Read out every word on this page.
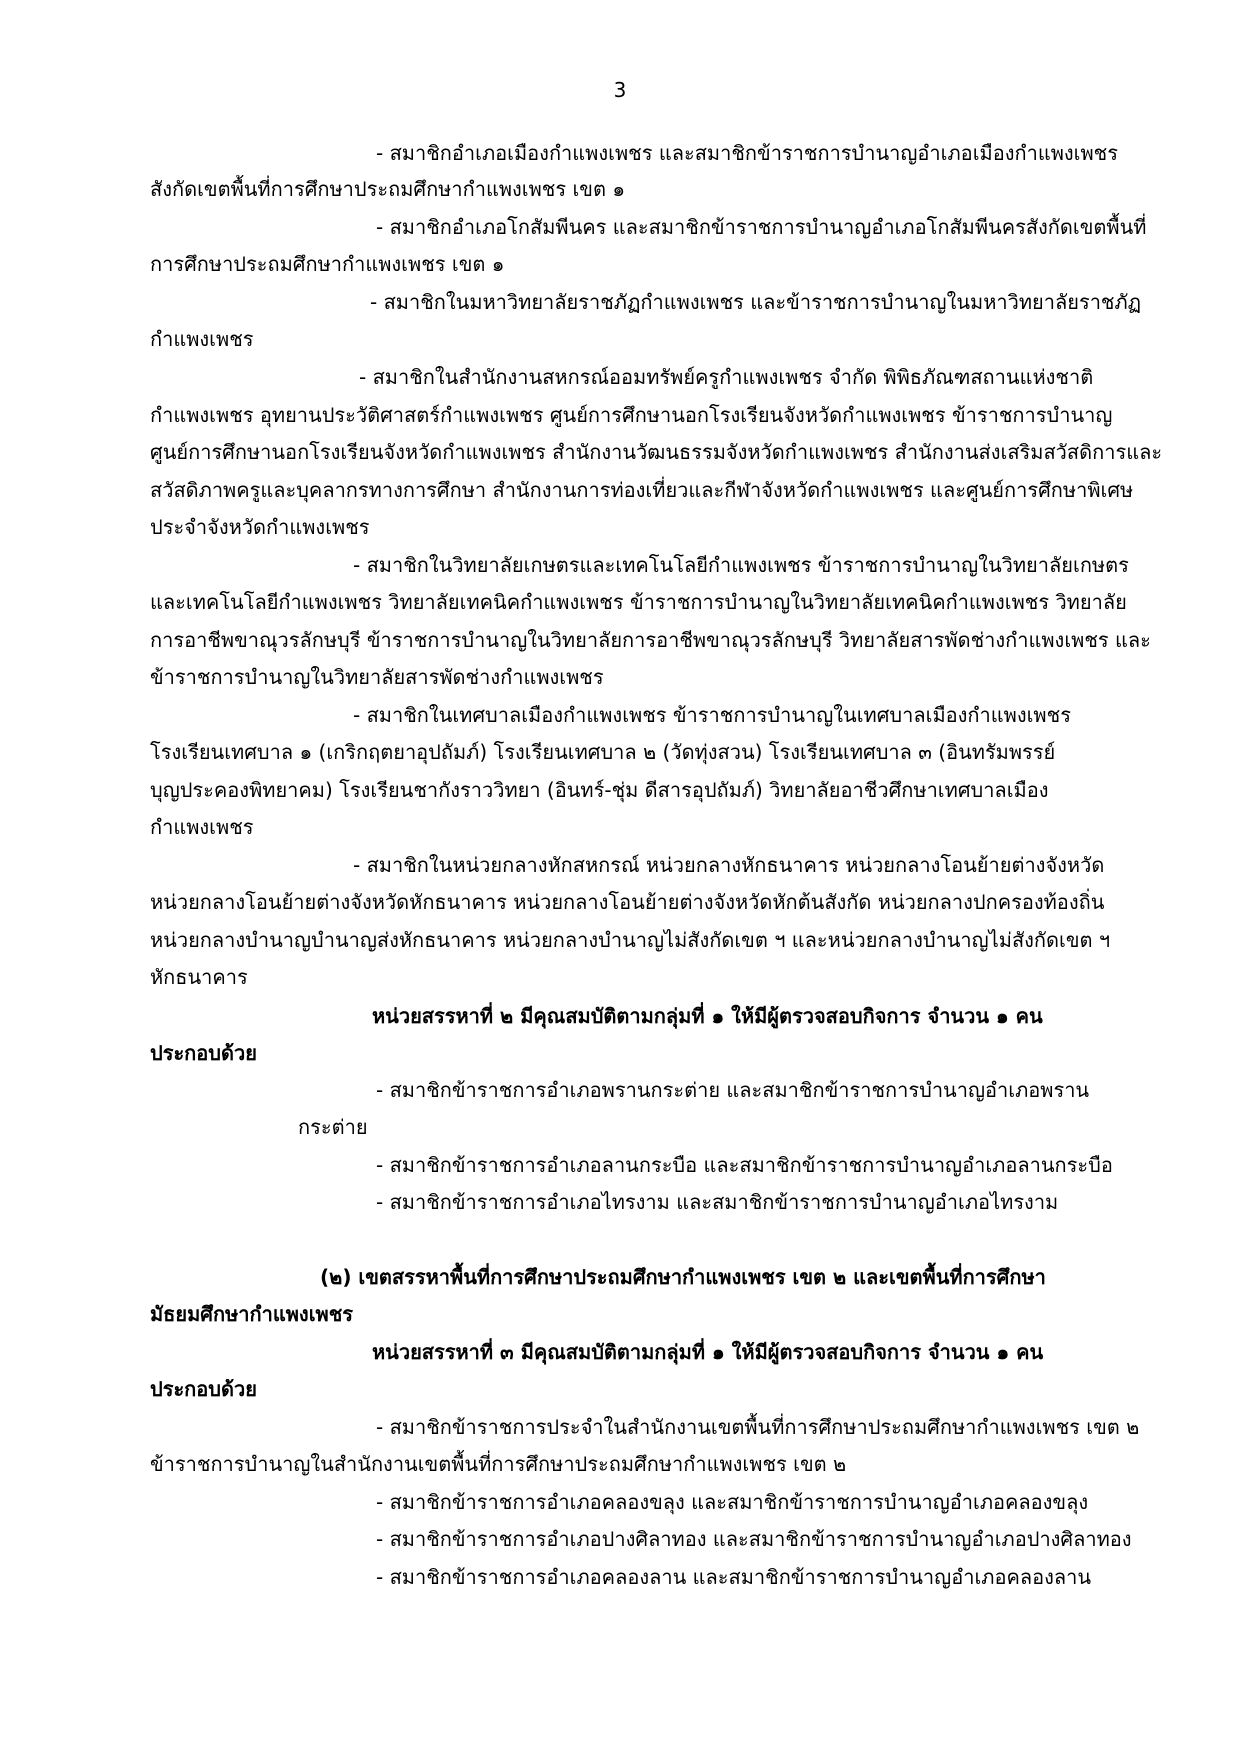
3
- สมาชิกอำเภอเมืองกำแพงเพชร และสมาชิกข้าราชการบำนาญอำเภอเมืองกำแพงเพชร
สังกัดเขตพื้นที่การศึกษาประถมศึกษากำแพงเพชร เขต ๑
- สมาชิกอำเภอโกสัมพีนคร และสมาชิกข้าราชการบำนาญอำเภอโกสัมพีนครสังกัดเขตพื้นที่
การศึกษาประถมศึกษากำแพงเพชร เขต ๑
- สมาชิกในมหาวิทยาลัยราชภัฏกำแพงเพชร และข้าราชการบำนาญในมหาวิทยาลัยราชภัฏ
กำแพงเพชร
- สมาชิกในสำนักงานสหกรณ์ออมทรัพย์ครูกำแพงเพชร จำกัด พิพิธภัณฑสถานแห่งชาติ
กำแพงเพชร อุทยานประวัติศาสตร์กำแพงเพชร ศูนย์การศึกษานอกโรงเรียนจังหวัดกำแพงเพชร ข้าราชการบำนาญ
ศูนย์การศึกษานอกโรงเรียนจังหวัดกำแพงเพชร สำนักงานวัฒนธรรมจังหวัดกำแพงเพชร สำนักงานส่งเสริมสวัสดิการและ
สวัสดิภาพครูและบุคลากรทางการศึกษา สำนักงานการท่องเที่ยวและกีฬาจังหวัดกำแพงเพชร และศูนย์การศึกษาพิเศษ
ประจำจังหวัดกำแพงเพชร
- สมาชิกในวิทยาลัยเกษตรและเทคโนโลยีกำแพงเพชร ข้าราชการบำนาญในวิทยาลัยเกษตร
และเทคโนโลยีกำแพงเพชร วิทยาลัยเทคนิคกำแพงเพชร ข้าราชการบำนาญในวิทยาลัยเทคนิคกำแพงเพชร วิทยาลัย
การอาชีพขาณุวรลักษบุรี ข้าราชการบำนาญในวิทยาลัยการอาชีพขาณุวรลักษบุรี วิทยาลัยสารพัดช่างกำแพงเพชร และ
ข้าราชการบำนาญในวิทยาลัยสารพัดช่างกำแพงเพชร
- สมาชิกในเทศบาลเมืองกำแพงเพชร ข้าราชการบำนาญในเทศบาลเมืองกำแพงเพชร
โรงเรียนเทศบาล ๑ (เกริกฤตยาอุปถัมภ์) โรงเรียนเทศบาล ๒ (วัดทุ่งสวน) โรงเรียนเทศบาล ๓ (อินทรัมพรรย์
บุญประคองพิทยาคม) โรงเรียนชากังราววิทยา (อินทร์-ชุ่ม ดีสารอุปถัมภ์) วิทยาลัยอาชีวศึกษาเทศบาลเมือง
กำแพงเพชร
- สมาชิกในหน่วยกลางหักสหกรณ์ หน่วยกลางหักธนาคาร หน่วยกลางโอนย้ายต่างจังหวัด
หน่วยกลางโอนย้ายต่างจังหวัดหักธนาคาร หน่วยกลางโอนย้ายต่างจังหวัดหักต้นสังกัด หน่วยกลางปกครองท้องถิ่น
หน่วยกลางบำนาญบำนาญส่งหักธนาคาร หน่วยกลางบำนาญไม่สังกัดเขต ฯ และหน่วยกลางบำนาญไม่สังกัดเขต ฯ
หักธนาคาร
หน่วยสรรหาที่ ๒ มีคุณสมบัติตามกลุ่มที่ ๑ ให้มีผู้ตรวจสอบกิจการ จำนวน ๑ คน
ประกอบด้วย
- สมาชิกข้าราชการอำเภอพรานกระต่าย และสมาชิกข้าราชการบำนาญอำเภอพราน
กระต่าย
- สมาชิกข้าราชการอำเภอลานกระบือ และสมาชิกข้าราชการบำนาญอำเภอลานกระบือ
- สมาชิกข้าราชการอำเภอไทรงาม และสมาชิกข้าราชการบำนาญอำเภอไทรงาม
(๒) เขตสรรหาพื้นที่การศึกษาประถมศึกษากำแพงเพชร เขต ๒ และเขตพื้นที่การศึกษา
มัธยมศึกษากำแพงเพชร
หน่วยสรรหาที่ ๓ มีคุณสมบัติตามกลุ่มที่ ๑ ให้มีผู้ตรวจสอบกิจการ จำนวน ๑ คน
ประกอบด้วย
- สมาชิกข้าราชการประจำในสำนักงานเขตพื้นที่การศึกษาประถมศึกษากำแพงเพชร เขต ๒
ข้าราชการบำนาญในสำนักงานเขตพื้นที่การศึกษาประถมศึกษากำแพงเพชร เขต ๒
- สมาชิกข้าราชการอำเภอคลองขลุง และสมาชิกข้าราชการบำนาญอำเภอคลองขลุง
- สมาชิกข้าราชการอำเภอปางศิลาทอง และสมาชิกข้าราชการบำนาญอำเภอปางศิลาทอง
- สมาชิกข้าราชการอำเภอคลองลาน และสมาชิกข้าราชการบำนาญอำเภอคลองลาน
